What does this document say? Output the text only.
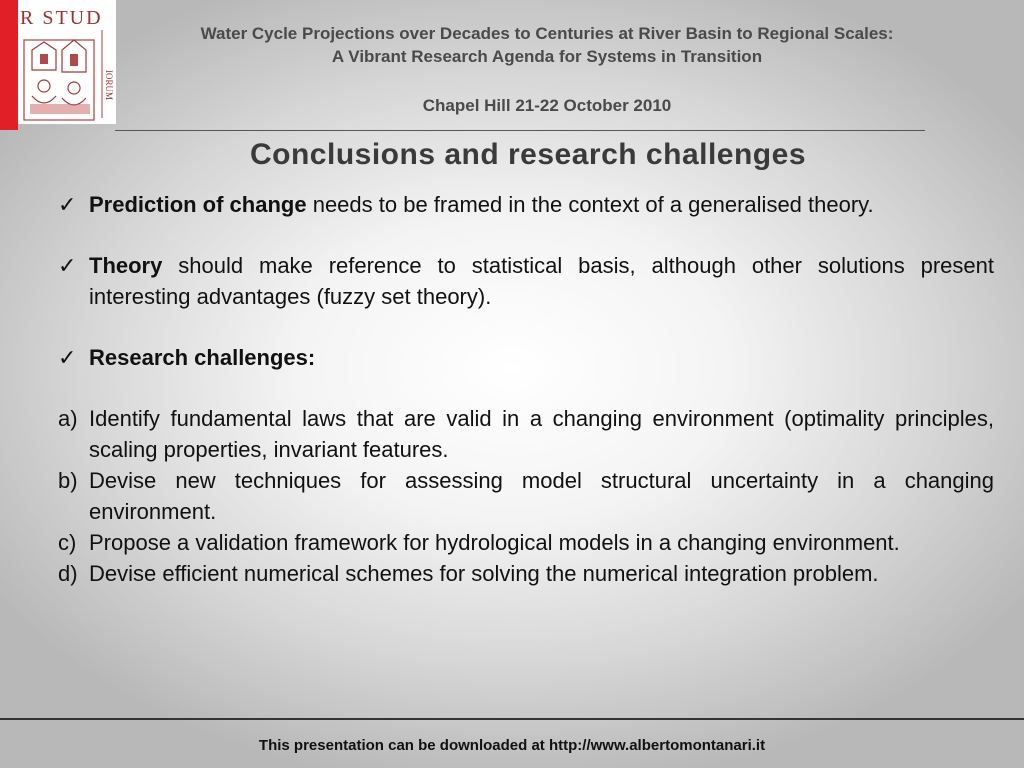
R STUD
IORUM
Water Cycle Projections over Decades to Centuries at River Basin to Regional Scales:
A Vibrant Research Agenda for Systems in Transition
Chapel Hill 21-22 October 2010
Conclusions and research challenges
✓ Prediction of change needs to be framed in the context of a generalised theory.
✓ Theory should make reference to statistical basis, although other solutions present interesting advantages (fuzzy set theory).
✓ Research challenges:
a) Identify fundamental laws that are valid in a changing environment (optimality principles, scaling properties, invariant features.
b) Devise new techniques for assessing model structural uncertainty in a changing environment.
c) Propose a validation framework for hydrological models in a changing environment.
d) Devise efficient numerical schemes for solving the numerical integration problem.
This presentation can be downloaded at http://www.albertomontanari.it
